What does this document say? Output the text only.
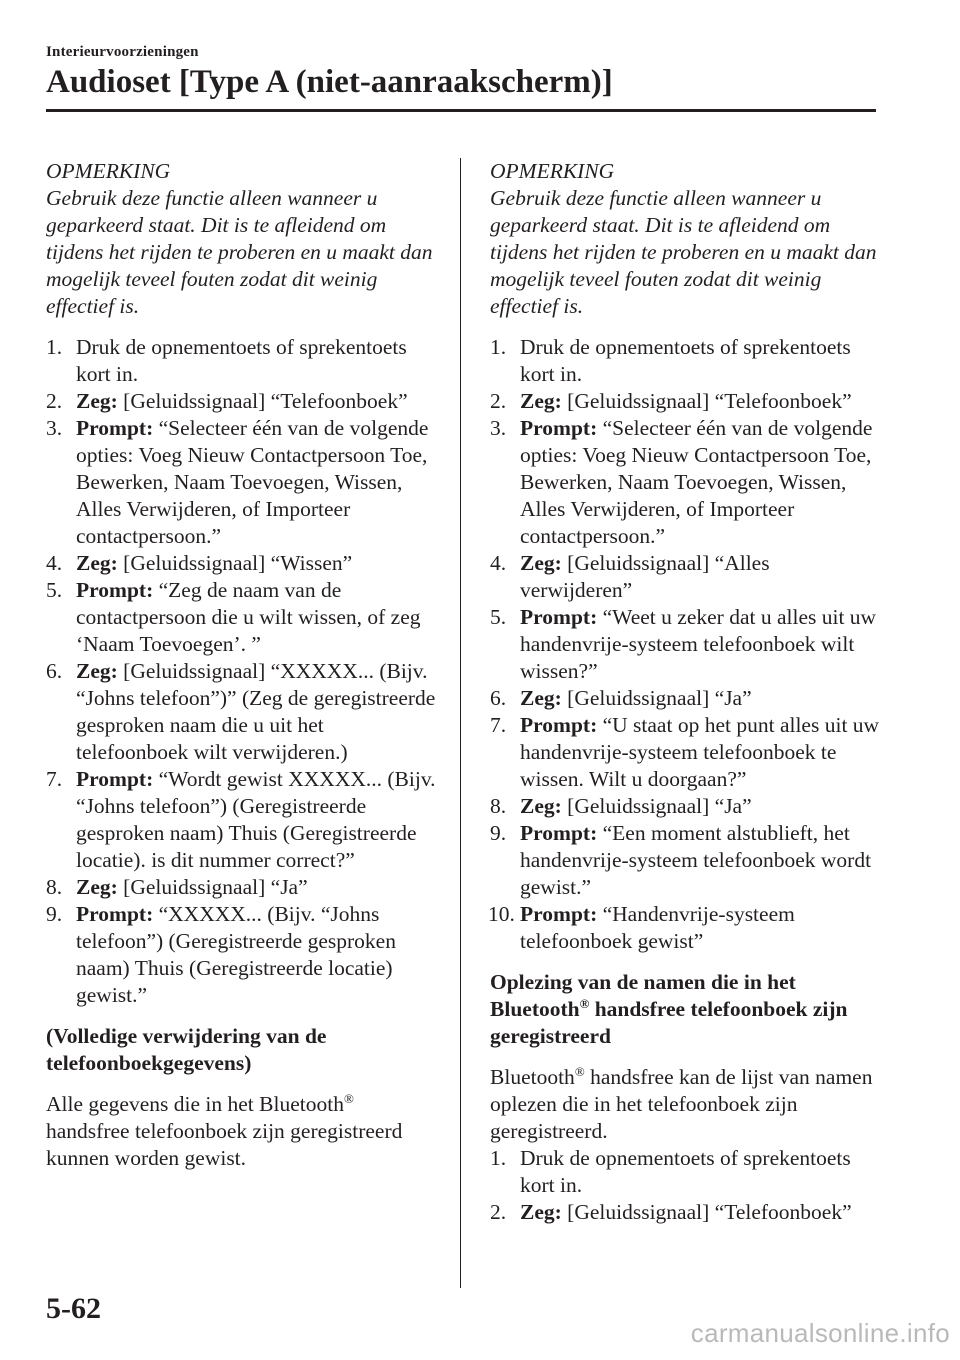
Interieurvoorzieningen
Audioset [Type A (niet-aanraakscherm)]
OPMERKING
Gebruik deze functie alleen wanneer u geparkeerd staat. Dit is te afleidend om tijdens het rijden te proberen en u maakt dan mogelijk teveel fouten zodat dit weinig effectief is.
1. Druk de opnementoets of sprekentoets kort in.
2. Zeg: [Geluidssignaal] “Telefoonboek”
3. Prompt: “Selecteer één van de volgende opties: Voeg Nieuw Contactpersoon Toe, Bewerken, Naam Toevoegen, Wissen, Alles Verwijderen, of Importeer contactpersoon.”
4. Zeg: [Geluidssignaal] “Wissen”
5. Prompt: “Zeg de naam van de contactpersoon die u wilt wissen, of zeg ‘Naam Toevoegen’. ”
6. Zeg: [Geluidssignaal] “XXXXX... (Bijv. “Johns telefoon”)” (Zeg de geregistreerde gesproken naam die u uit het telefoonboek wilt verwijderen.)
7. Prompt: “Wordt gewist XXXXX... (Bijv. “Johns telefoon”) (Geregistreerde gesproken naam) Thuis (Geregistreerde locatie). is dit nummer correct?”
8. Zeg: [Geluidssignaal] “Ja”
9. Prompt: “XXXXX... (Bijv. “Johns telefoon”) (Geregistreerde gesproken naam) Thuis (Geregistreerde locatie) gewist.”
(Volledige verwijdering van de telefoonboekgegevens)

Alle gegevens die in het Bluetooth® handsfree telefoonboek zijn geregistreerd kunnen worden gewist.

OPMERKING
Gebruik deze functie alleen wanneer u geparkeerd staat. Dit is te afleidend om tijdens het rijden te proberen en u maakt dan mogelijk teveel fouten zodat dit weinig effectief is.
1. Druk de opnementoets of sprekentoets kort in.
2. Zeg: [Geluidssignaal] “Telefoonboek”
3. Prompt: “Selecteer één van de volgende opties: Voeg Nieuw Contactpersoon Toe, Bewerken, Naam Toevoegen, Wissen, Alles Verwijderen, of Importeer contactpersoon.”
4. Zeg: [Geluidssignaal] “Alles verwijderen”
5. Prompt: “Weet u zeker dat u alles uit uw handenvrije-systeem telefoonboek wilt wissen?”
6. Zeg: [Geluidssignaal] “Ja”
7. Prompt: “U staat op het punt alles uit uw handenvrije-systeem telefoonboek te wissen. Wilt u doorgaan?”
8. Zeg: [Geluidssignaal] “Ja”
9. Prompt: “Een moment alstublieft, het handenvrije-systeem telefoonboek wordt gewist.”
10. Prompt: “Handenvrije-systeem telefoonboek gewist”
Oplezing van de namen die in het Bluetooth® handsfree telefoonboek zijn geregistreerd

Bluetooth® handsfree kan de lijst van namen oplezen die in het telefoonboek zijn geregistreerd.

1. Druk de opnementoets of sprekentoets kort in.
2. Zeg: [Geluidssignaal] “Telefoonboek”
5-62
carmanualsonline.info
